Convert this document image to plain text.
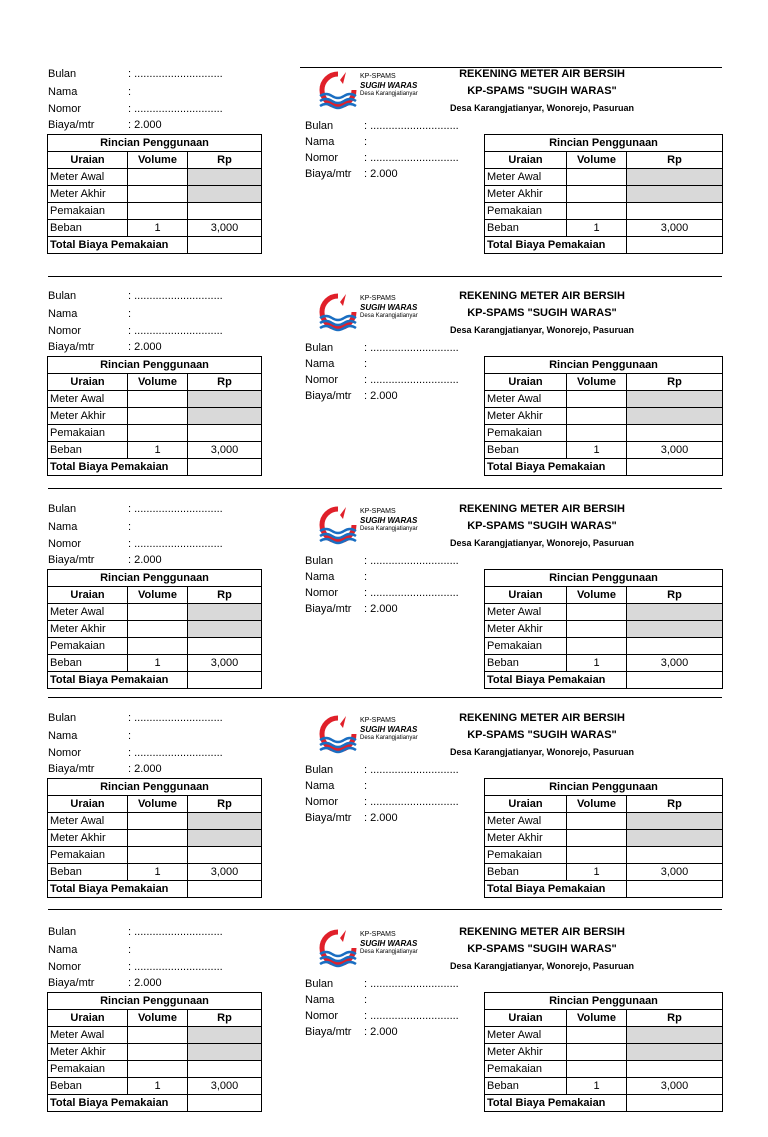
Bulan	: .............................
Nama	:
Nomor	: .............................
Biaya/mtr	: 2.000
Rincian Penggunaan		
Uraian	Volume	Rp
Meter Awal		
Meter Akhir		
Pemakaian		
Beban	1	3,000
Total Biaya Pemakaian		
KP-SPAMS
SUGIH WARAS
Desa Karangjatianyar
REKENING METER AIR BERSIH
KP-SPAMS "SUGIH WARAS"
Desa Karangjatianyar, Wonorejo, Pasuruan
Bulan	: .............................
Nama	:
Nomor : .............................
Biaya/mtr : 2.000
Rincian Penggunaan		
Uraian	Volume	Rp
Meter Awal		
Meter Akhir		
Pemakaian		
Beban	1	3,000
Total Biaya Pemakaian		
Bulan	: .............................
Nama	:
Nomor	: .............................
Biaya/mtr	: 2.000
Rincian Penggunaan		
Uraian	Volume	Rp
Meter Awal		
Meter Akhir		
Pemakaian		
Beban	1	3,000
Total Biaya Pemakaian		
KP-SPAMS
SUGIH WARAS
Desa Karangjatianyar
REKENING METER AIR BERSIH
KP-SPAMS "SUGIH WARAS"
Desa Karangjatianyar, Wonorejo, Pasuruan
Bulan	: .............................
Nama	:
Nomor : .............................
Biaya/mtr : 2.000
Rincian Penggunaan		
Uraian	Volume	Rp
Meter Awal		
Meter Akhir		
Pemakaian		
Beban	1	3,000
Total Biaya Pemakaian		
Bulan	: .............................
Nama	:
Nomor	: .............................
Biaya/mtr	: 2.000
Rincian Penggunaan		
Uraian	Volume	Rp
Meter Awal		
Meter Akhir		
Pemakaian		
Beban	1	3,000
Total Biaya Pemakaian		
KP-SPAMS
SUGIH WARAS
Desa Karangjatianyar
REKENING METER AIR BERSIH
KP-SPAMS "SUGIH WARAS"
Desa Karangjatianyar, Wonorejo, Pasuruan
Bulan	: .............................
Nama	:
Nomor : .............................
Biaya/mtr : 2.000
Rincian Penggunaan		
Uraian	Volume	Rp
Meter Awal		
Meter Akhir		
Pemakaian		
Beban	1	3,000
Total Biaya Pemakaian		
Bulan	: .............................
Nama	:
Nomor	: .............................
Biaya/mtr	: 2.000
Rincian Penggunaan		
Uraian	Volume	Rp
Meter Awal		
Meter Akhir		
Pemakaian		
Beban	1	3,000
Total Biaya Pemakaian		
KP-SPAMS
SUGIH WARAS
Desa Karangjatianyar
REKENING METER AIR BERSIH
KP-SPAMS "SUGIH WARAS"
Desa Karangjatianyar, Wonorejo, Pasuruan
Bulan	: .............................
Nama	:
Nomor : .............................
Biaya/mtr : 2.000
Rincian Penggunaan		
Uraian	Volume	Rp
Meter Awal		
Meter Akhir		
Pemakaian		
Beban	1	3,000
Total Biaya Pemakaian		
Bulan	: .............................
Nama	:
Nomor	: .............................
Biaya/mtr	: 2.000
Rincian Penggunaan		
Uraian	Volume	Rp
Meter Awal		
Meter Akhir		
Pemakaian		
Beban	1	3,000
Total Biaya Pemakaian		
KP-SPAMS
SUGIH WARAS
Desa Karangjatianyar
REKENING METER AIR BERSIH
KP-SPAMS "SUGIH WARAS"
Desa Karangjatianyar, Wonorejo, Pasuruan
Bulan	: .............................
Nama	:
Nomor : .............................
Biaya/mtr : 2.000
Rincian Penggunaan		
Uraian	Volume	Rp
Meter Awal		
Meter Akhir		
Pemakaian		
Beban	1	3,000
Total Biaya Pemakaian		
